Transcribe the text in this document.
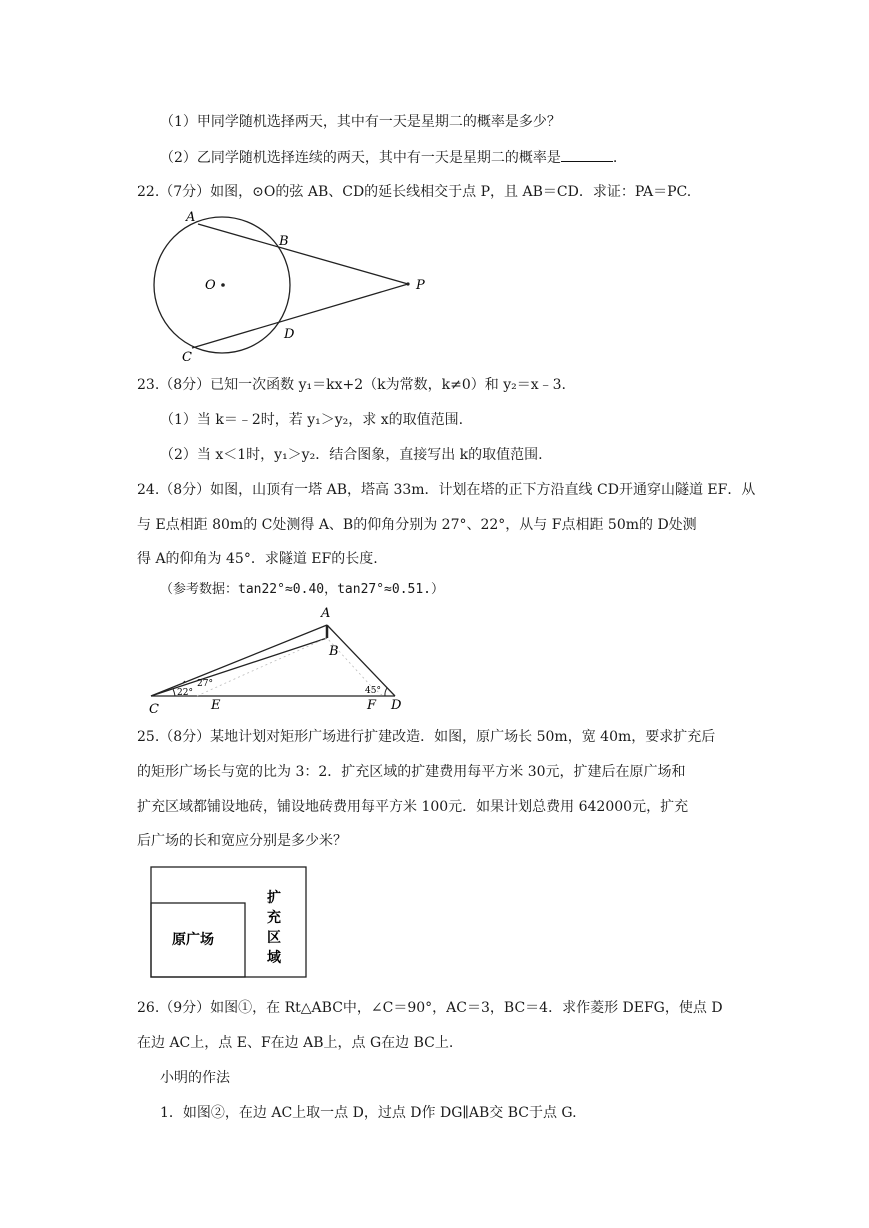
（1）甲同学随机选择两天，其中有一天是星期二的概率是多少？
（2）乙同学随机选择连续的两天，其中有一天是星期二的概率是	.
22.（7分）如图，⊙O的弦 AB、CD的延长线相交于点 P，且 AB＝CD．求证：PA＝PC.
A
B
O	P
D
C
23.（8分）已知一次函数 y₁＝kx+2（k为常数，k≠0）和 y₂＝x﹣3.
（1）当 k＝﹣2时，若 y₁＞y₂，求 x的取值范围.
（2）当 x＜1时，y₁＞y₂．结合图象，直接写出 k的取值范围.
24.（8分）如图，山顶有一塔 AB，塔高 33m．计划在塔的正下方沿直线 CD开通穿山隧道 EF．从
与 E点相距 80m的 C处测得 A、B的仰角分别为 27°、22°，从与 F点相距 50m的 D处测
得 A的仰角为 45°．求隧道 EF的长度.
（参考数据：tan22°≈0.40，tan27°≈0.51.）
27°
22°	45°
A
B
C	E	F D
25.（8分）某地计划对矩形广场进行扩建改造．如图，原广场长 50m，宽 40m，要求扩充后
的矩形广场长与宽的比为 3：2．扩充区域的扩建费用每平方米 30元，扩建后在原广场和
扩充区域都铺设地砖，铺设地砖费用每平方米 100元．如果计划总费用 642000元，扩充
后广场的长和宽应分别是多少米？
原广场
扩
充
区
域
26.（9分）如图①，在 Rt△ABC中，∠C＝90°，AC＝3，BC＝4．求作菱形 DEFG，使点 D
在边 AC上，点 E、F在边 AB上，点 G在边 BC上.
小明的作法
1．如图②，在边 AC上取一点 D，过点 D作 DG∥AB交 BC于点 G.
